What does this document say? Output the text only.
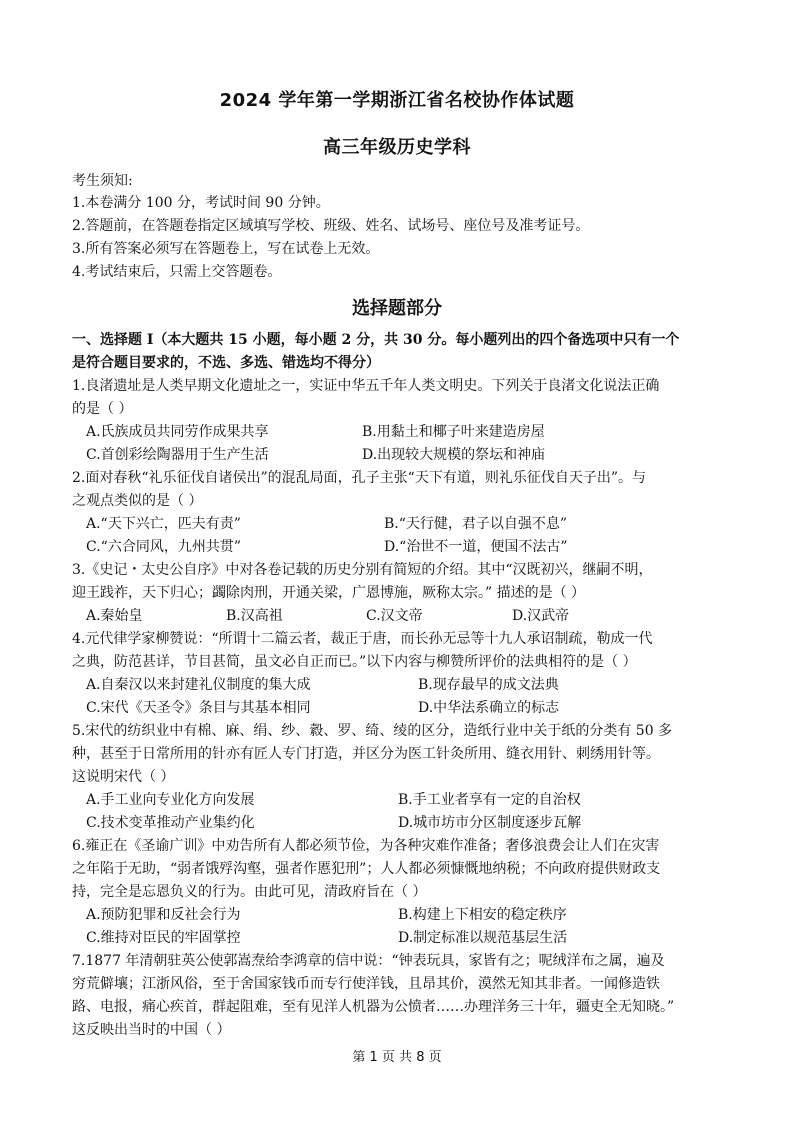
2024 学年第一学期浙江省名校协作体试题
高三年级历史学科
考生须知:
1.本卷满分 100 分，考试时间 90 分钟。
2.答题前，在答题卷指定区域填写学校、班级、姓名、试场号、座位号及准考证号。
3.所有答案必须写在答题卷上，写在试卷上无效。
4.考试结束后，只需上交答题卷。
选择题部分
一、选择题 Ⅰ（本大题共 15 小题，每小题 2 分，共 30 分。每小题列出的四个备选项中只有一个
是符合题目要求的，不选、多选、错选均不得分）
1.良渚遗址是人类早期文化遗址之一，实证中华五千年人类文明史。下列关于良渚文化说法正确
的是（ ）
A.氏族成员共同劳作成果共享	B.用黏土和椰子叶来建造房屋
C.首创彩绘陶器用于生产生活	D.出现较大规模的祭坛和神庙
2.面对春秋“礼乐征伐自诸侯出”的混乱局面，孔子主张“天下有道，则礼乐征伐自天子出”。与
之观点类似的是（ ）
A.“天下兴亡，匹夫有责”	B.“天行健，君子以自强不息”
C.“六合同风，九州共贯”	D.“治世不一道，便国不法古”
3.《史记・太史公自序》中对各卷记载的历史分别有简短的介绍。其中“汉既初兴，继嗣不明，
迎王践祚，天下归心；蠲除肉刑，开通关梁，广恩博施，厥称太宗。” 描述的是（ ）
A.秦始皇	B.汉高祖	C.汉文帝	D.汉武帝
4.元代律学家柳赞说：“所谓十二篇云者，裁正于唐，而长孙无忌等十九人承诏制疏，勒成一代
之典，防范甚详，节目甚简，虽文必自正而已。”以下内容与柳赞所评价的法典相符的是（ ）
A.自秦汉以来封建礼仪制度的集大成	B.现存最早的成文法典
C.宋代《天圣令》条目与其基本相同	D.中华法系确立的标志
5.宋代的纺织业中有棉、麻、绢、纱、縠、罗、绮、绫的区分，造纸行业中关于纸的分类有 50 多
种，甚至于日常所用的针亦有匠人专门打造，并区分为医工针灸所用、缝衣用针、刺绣用针等。
这说明宋代（ ）
A.手工业向专业化方向发展	B.手工业者享有一定的自治权
C.技术变革推动产业集约化	D.城市坊市分区制度逐步瓦解
6.雍正在《圣谕广训》中劝告所有人都必须节俭，为各种灾难作准备；奢侈浪费会让人们在灾害
之年陷于无助，“弱者饿殍沟壑，强者作慝犯刑”；人人都必须慷慨地纳税；不向政府提供财政支
持，完全是忘恩负义的行为。由此可见，清政府旨在（ ）
A.预防犯罪和反社会行为	B.构建上下相安的稳定秩序
C.维持对臣民的牢固掌控	D.制定标准以规范基层生活
7.1877 年清朝驻英公使郭嵩焘给李鸿章的信中说：“钟表玩具，家皆有之；呢绒洋布之属，遍及
穷荒僻壤；江浙风俗，至于舍国家钱币而专行使洋钱，且昂其价，漠然无知其非者。一闻修造铁
路、电报，痛心疾首，群起阻难，至有见洋人机器为公愤者……办理洋务三十年，疆吏全无知晓。”
这反映出当时的中国（ ）
第 1 页 共 8 页
